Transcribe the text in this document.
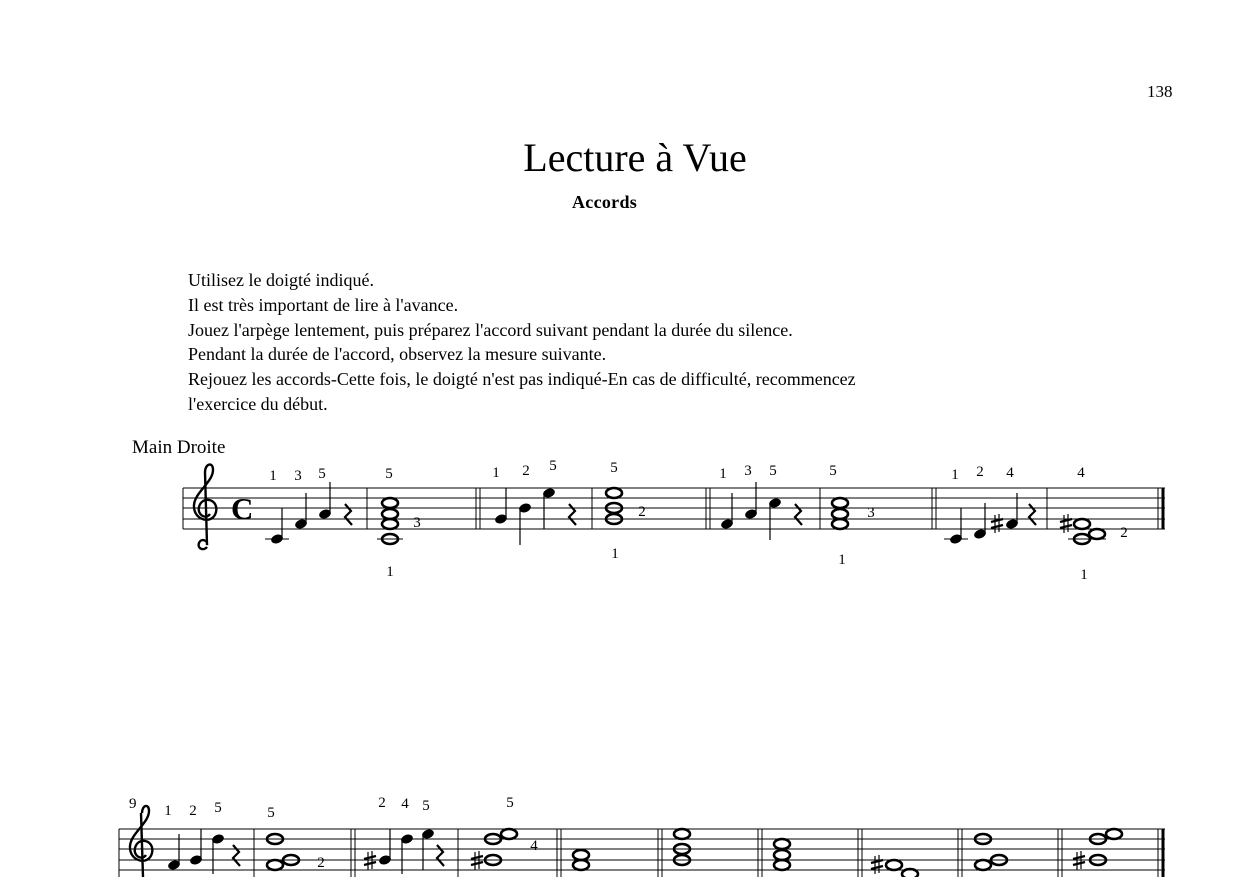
138
Lecture à Vue
Accords
Utilisez le doigté indiqué.
Il est très important de lire à l'avance.
Jouez l'arpège lentement, puis préparez l'accord suivant pendant la durée du silence.
Pendant la durée de l'accord, observez la mesure suivante.
Rejouez les accords-Cette fois, le doigté n'est pas indiqué-En cas de difficulté, recommencez
l'exercice du début.
Main Droite
C
1 3 5	5
3
1
1 2 5	5
2
1
1 3 5	5
3
1
1 2 4	4
2
1
9 1 2 5	5
2
2 4 5	5
4
